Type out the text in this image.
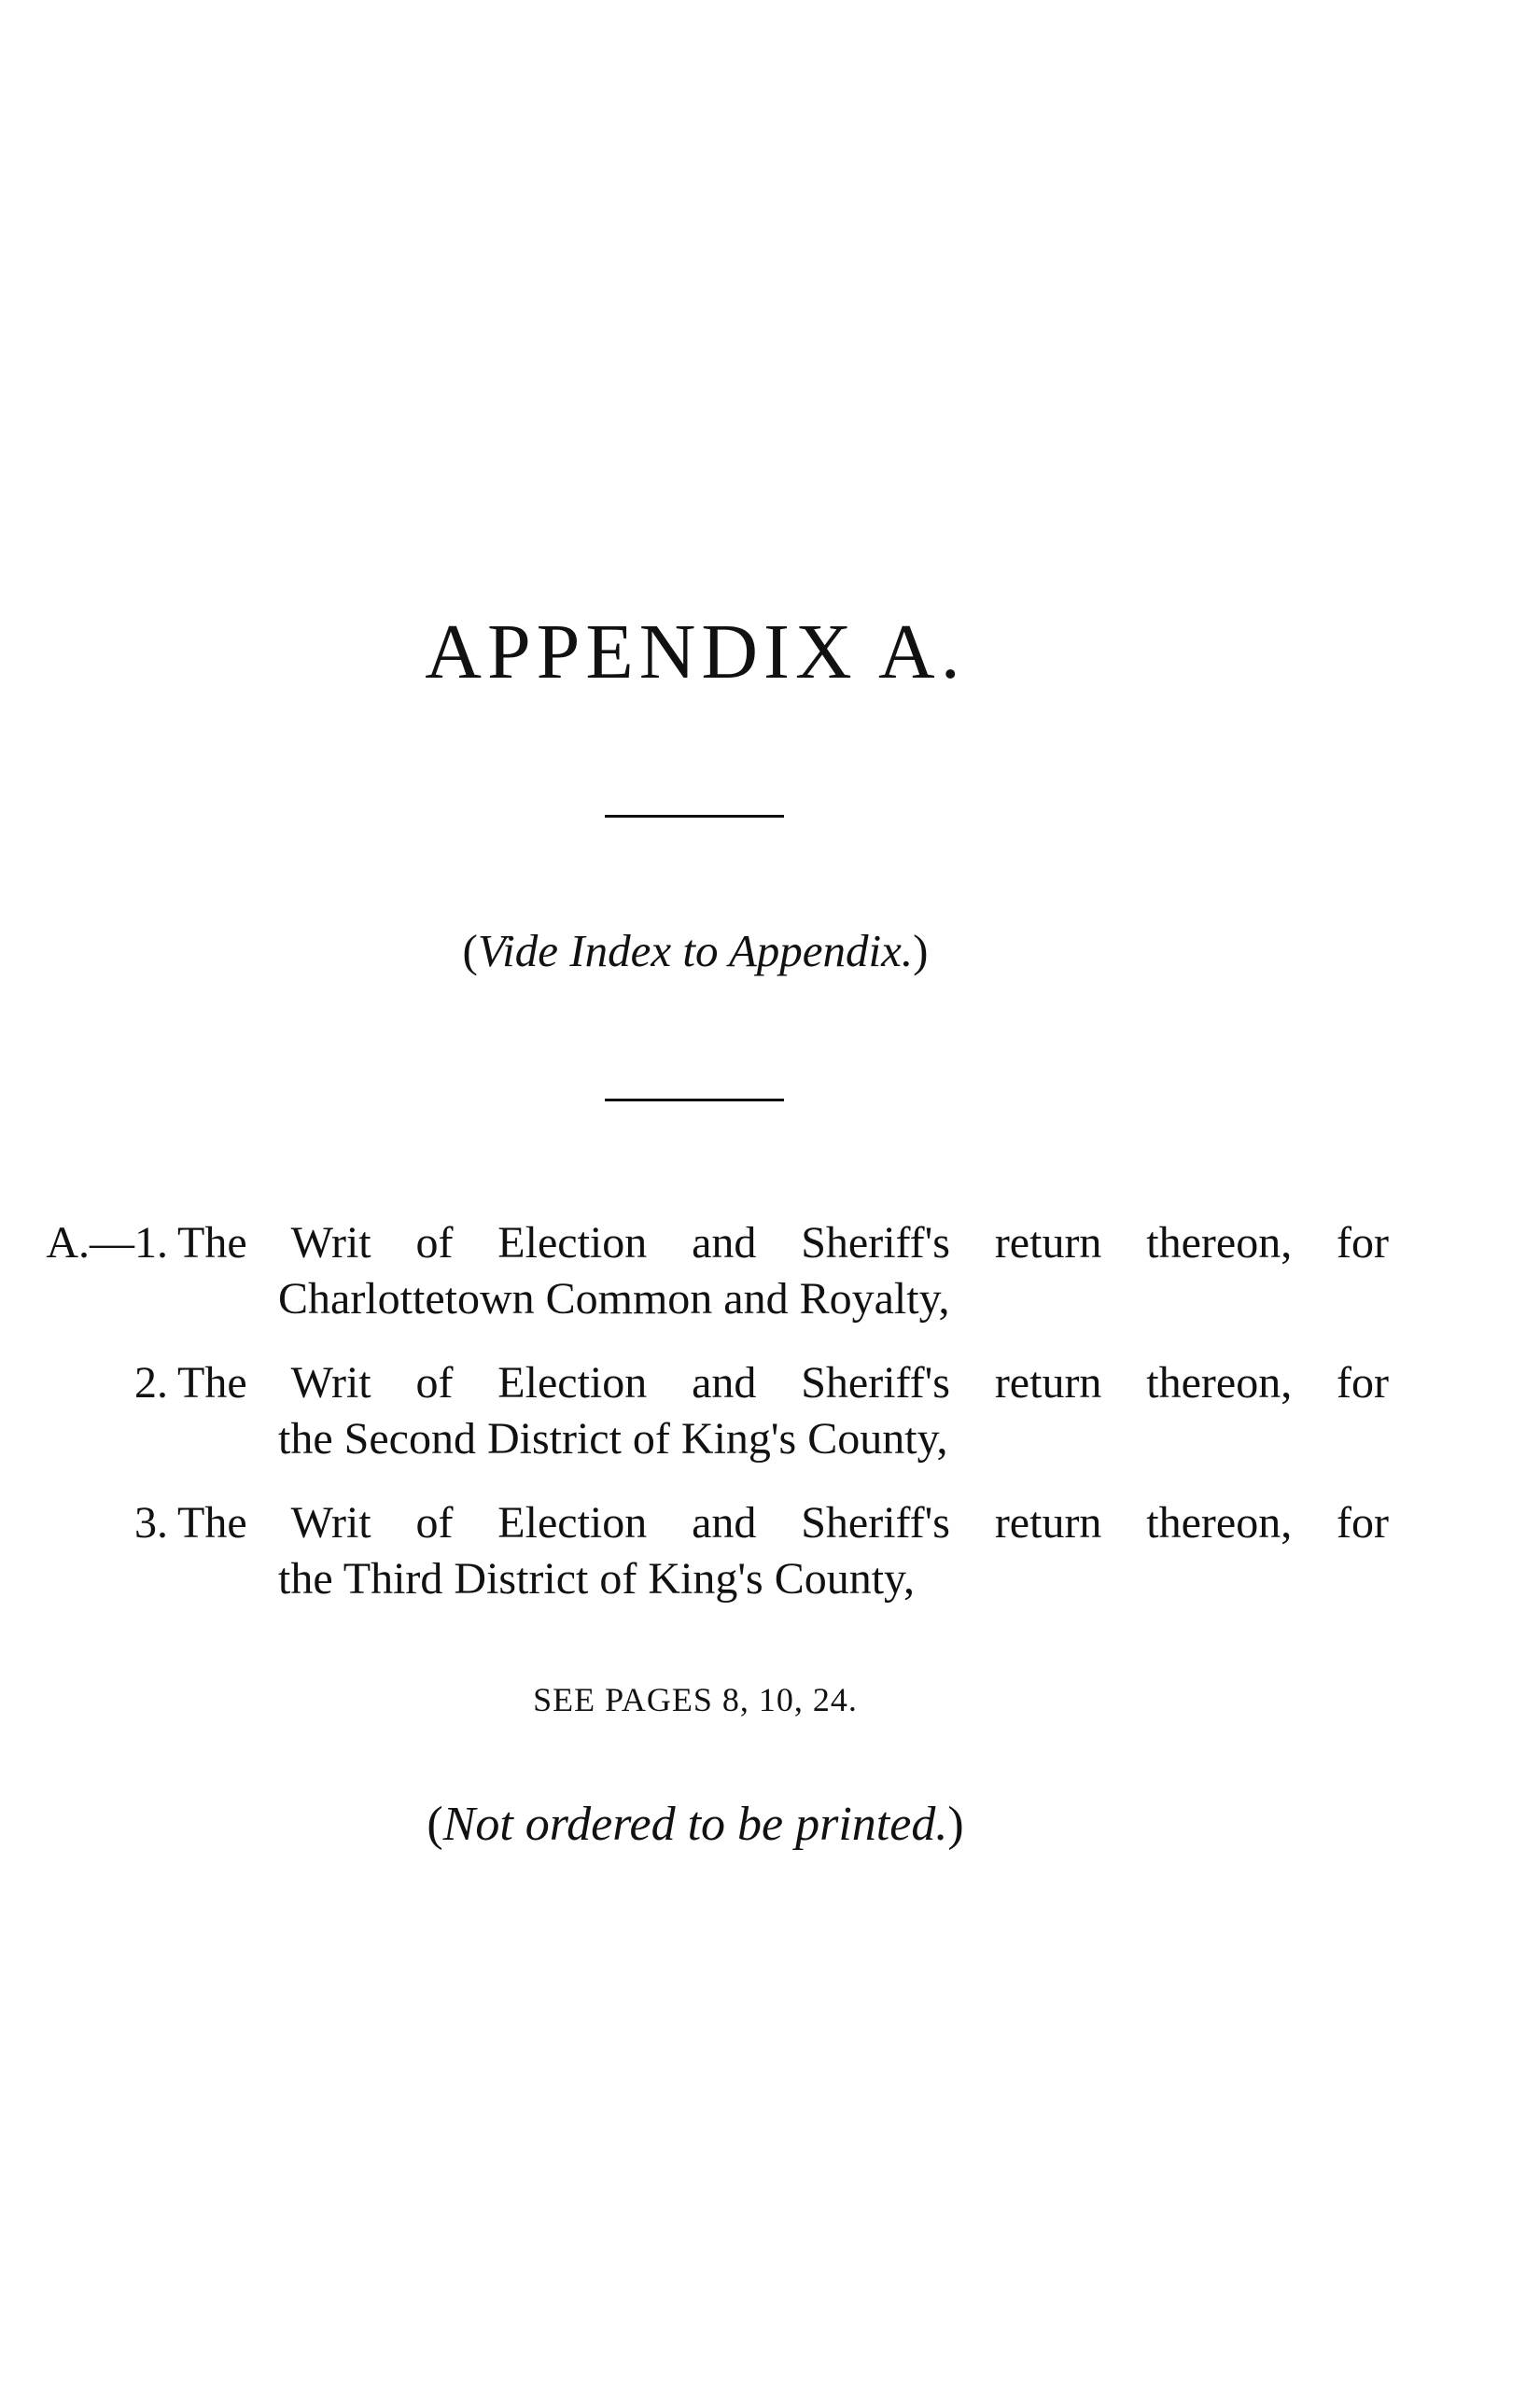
APPENDIX A.
(Vide Index to Appendix.)
A.—1. The Writ of Election and Sheriff's return thereon, for
Charlottetown Common and Royalty,
2. The Writ of Election and Sheriff's return thereon, for
the Second District of King's County,
3. The Writ of Election and Sheriff's return thereon, for
the Third District of King's County,
SEE PAGES 8, 10, 24.
(Not ordered to be printed.)
